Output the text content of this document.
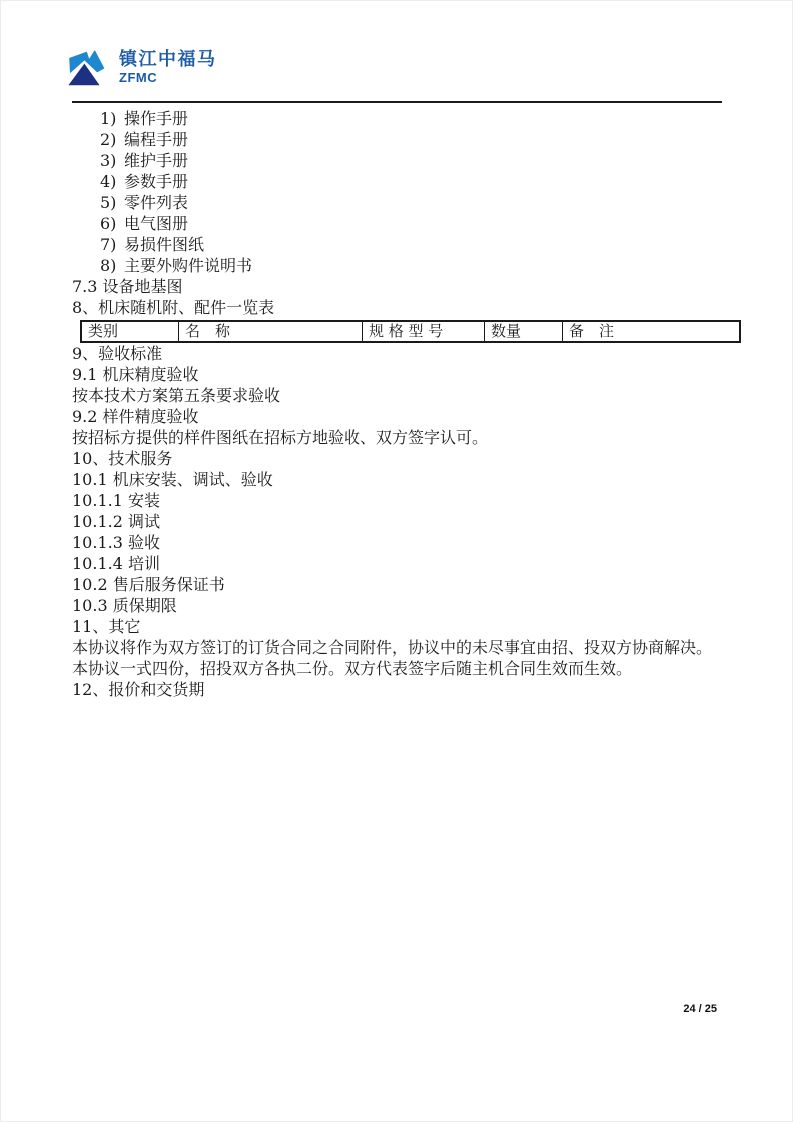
镇江中福马
ZFMC
1) 操作手册
2) 编程手册
3) 维护手册
4) 参数手册
5) 零件列表
6) 电气图册
7) 易损件图纸
8) 主要外购件说明书
7.3 设备地基图
8、机床随机附、配件一览表
类别	名　称	规 格 型 号	数量	备　注
9、验收标准
9.1 机床精度验收
按本技术方案第五条要求验收
9.2 样件精度验收
按招标方提供的样件图纸在招标方地验收、双方签字认可。
10、技术服务
10.1 机床安装、调试、验收
10.1.1 安装
10.1.2 调试
10.1.3 验收
10.1.4 培训
10.2 售后服务保证书
10.3 质保期限
11、其它
本协议将作为双方签订的订货合同之合同附件，协议中的未尽事宜由招、投双方协商解决。
本协议一式四份，招投双方各执二份。双方代表签字后随主机合同生效而生效。
12、报价和交货期
24 / 25
